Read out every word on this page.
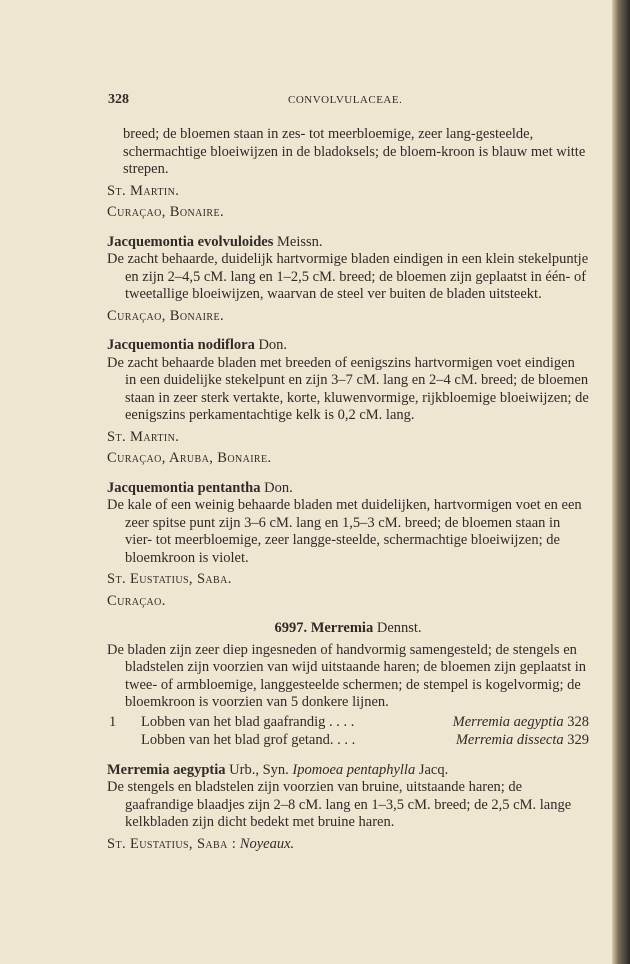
328	CONVOLVULACEAE.

breed; de bloemen staan in zes- tot meerbloemige, zeer lang-gesteelde, schermachtige bloeiwijzen in de bladoksels; de bloem-kroon is blauw met witte strepen.

St. Martin.

Curaçao, Bonaire.

Jacquemontia evolvuloides Meissn.

De zacht behaarde, duidelijk hartvormige bladen eindigen in een klein stekelpuntje en zijn 2–4,5 cM. lang en 1–2,5 cM. breed; de bloemen zijn geplaatst in één- of tweetallige bloeiwijzen, waarvan de steel ver buiten de bladen uitsteekt.

Curaçao, Bonaire.

Jacquemontia nodiflora Don.

De zacht behaarde bladen met breeden of eenigszins hartvormigen voet eindigen in een duidelijke stekelpunt en zijn 3–7 cM. lang en 2–4 cM. breed; de bloemen staan in zeer sterk vertakte, korte, kluwenvormige, rijkbloemige bloeiwijzen; de eenigszins perkamentachtige kelk is 0,2 cM. lang.

St. Martin.

Curaçao, Aruba, Bonaire.

Jacquemontia pentantha Don.

De kale of een weinig behaarde bladen met duidelijken, hartvormigen voet en een zeer spitse punt zijn 3–6 cM. lang en 1,5–3 cM. breed; de bloemen staan in vier- tot meerbloemige, zeer langge-steelde, schermachtige bloeiwijzen; de bloemkroon is violet.

St. Eustatius, Saba.

Curaçao.

6997. Merremia Dennst.

De bladen zijn zeer diep ingesneden of handvormig samengesteld; de stengels en bladstelen zijn voorzien van wijd uitstaande haren; de bloemen zijn geplaatst in twee- of armbloemige, langgesteelde schermen; de stempel is kogelvormig; de bloemkroon is voorzien van 5 donkere lijnen.

1 Lobben van het blad gaafrandig . . . .	Merremia aegyptia 328
Lobben van het blad grof getand. . . .	Merremia dissecta 329

Merremia aegyptia Urb., Syn. Ipomoea pentaphylla Jacq.

De stengels en bladstelen zijn voorzien van bruine, uitstaande haren; de gaafrandige blaadjes zijn 2–8 cM. lang en 1–3,5 cM. breed; de 2,5 cM. lange kelkbladen zijn dicht bedekt met bruine haren.

St. Eustatius, Saba : Noyeaux.
